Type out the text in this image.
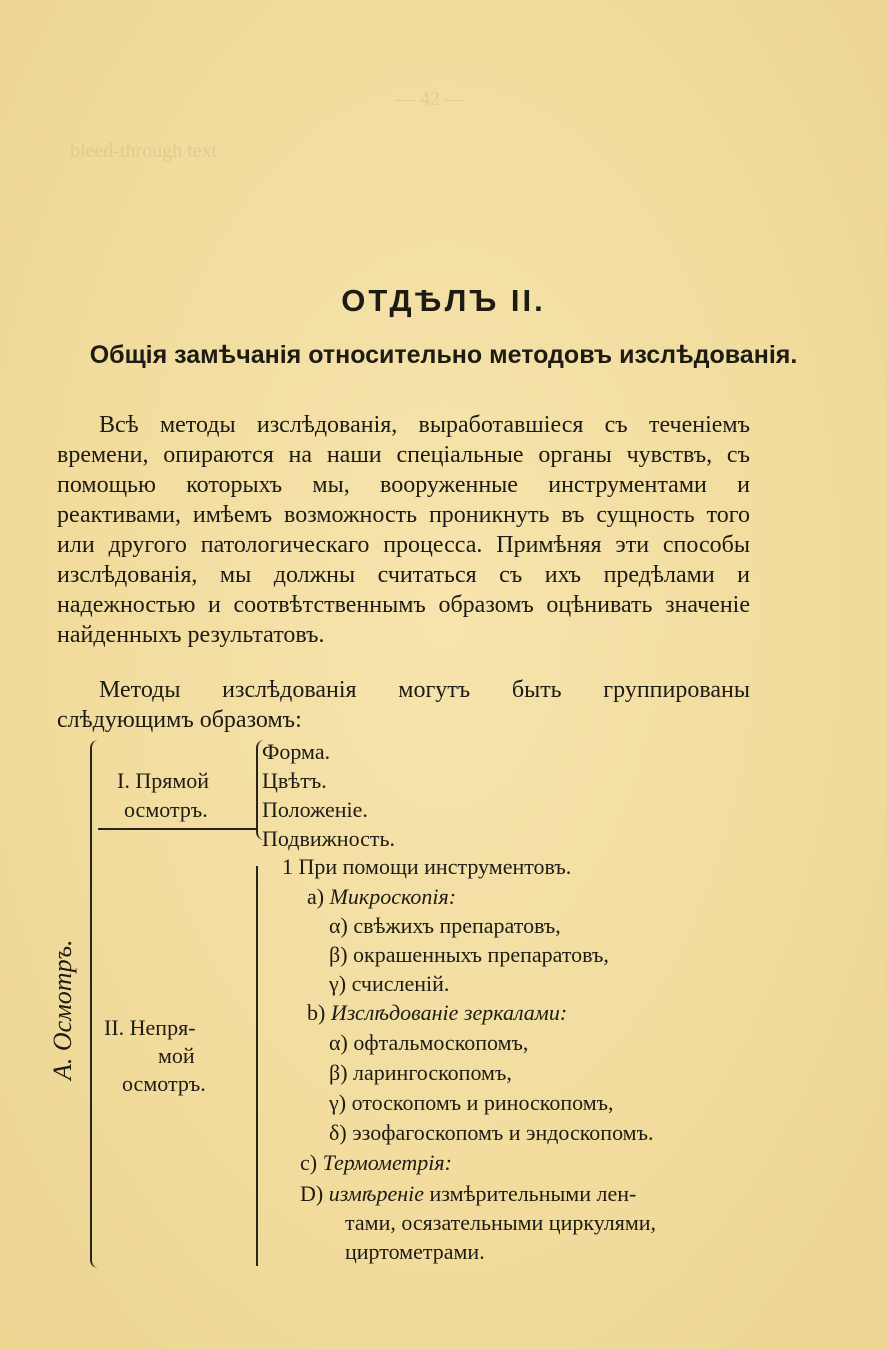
— 42 —
bleed-through text
ОТДѢЛЪ II.
Общія замѣчанія относительно методовъ изслѣдованія.

Всѣ методы изслѣдованія, выработавшіеся съ теченіемъ времени, опираются на наши спеціальные органы чувствъ, съ помощью которыхъ мы, вооруженные инструментами и реактивами, имѣемъ возможность проникнуть въ сущность того или другого патологическаго процесса. Примѣняя эти способы изслѣдованія, мы должны считаться съ ихъ предѣлами и надежностью и соотвѣтственнымъ образомъ оцѣнивать значеніе найденныхъ результатовъ.

Методы изслѣдованія могутъ быть группированы слѣдующимъ образомъ:

А. Осмотръ.
I. Прямой
осмотръ.
Форма.
Цвѣтъ.
Положеніе.
Подвижность.
II. Непря-
мой
осмотръ.
1 При помощи инструментовъ.
a) Микроскопія:
α) свѣжихъ препаратовъ,
β) окрашенныхъ препаратовъ,
γ) счисленій.
b) Изслѣдованіе зеркалами:
α) офтальмоскопомъ,
β) ларингоскопомъ,
γ) отоскопомъ и риноскопомъ,
δ) эзофагоскопомъ и эндоскопомъ.
c) Термометрія:
D) измѣреніе измѣрительными лен-
тами, осязательными циркулями,
циртометрами.
